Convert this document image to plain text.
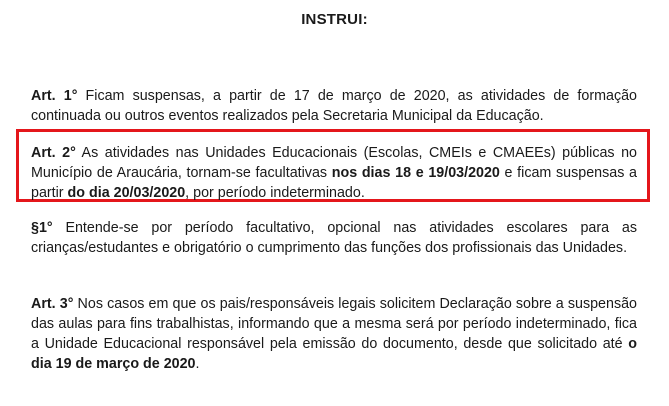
INSTRUI:

Art. 1° Ficam suspensas, a partir de 17 de março de 2020, as atividades de formação continuada ou outros eventos realizados pela Secretaria Municipal da Educação.

Art. 2° As atividades nas Unidades Educacionais (Escolas, CMEIs e CMAEEs) públicas no Município de Araucária, tornam-se facultativas nos dias 18 e 19/03/2020 e ficam suspensas a partir do dia 20/03/2020, por período indeterminado.

§1° Entende-se por período facultativo, opcional nas atividades escolares para as crianças/estudantes e obrigatório o cumprimento das funções dos profissionais das Unidades.

Art. 3° Nos casos em que os pais/responsáveis legais solicitem Declaração sobre a suspensão das aulas para fins trabalhistas, informando que a mesma será por período indeterminado, fica a Unidade Educacional responsável pela emissão do documento, desde que solicitado até o dia 19 de março de 2020.
